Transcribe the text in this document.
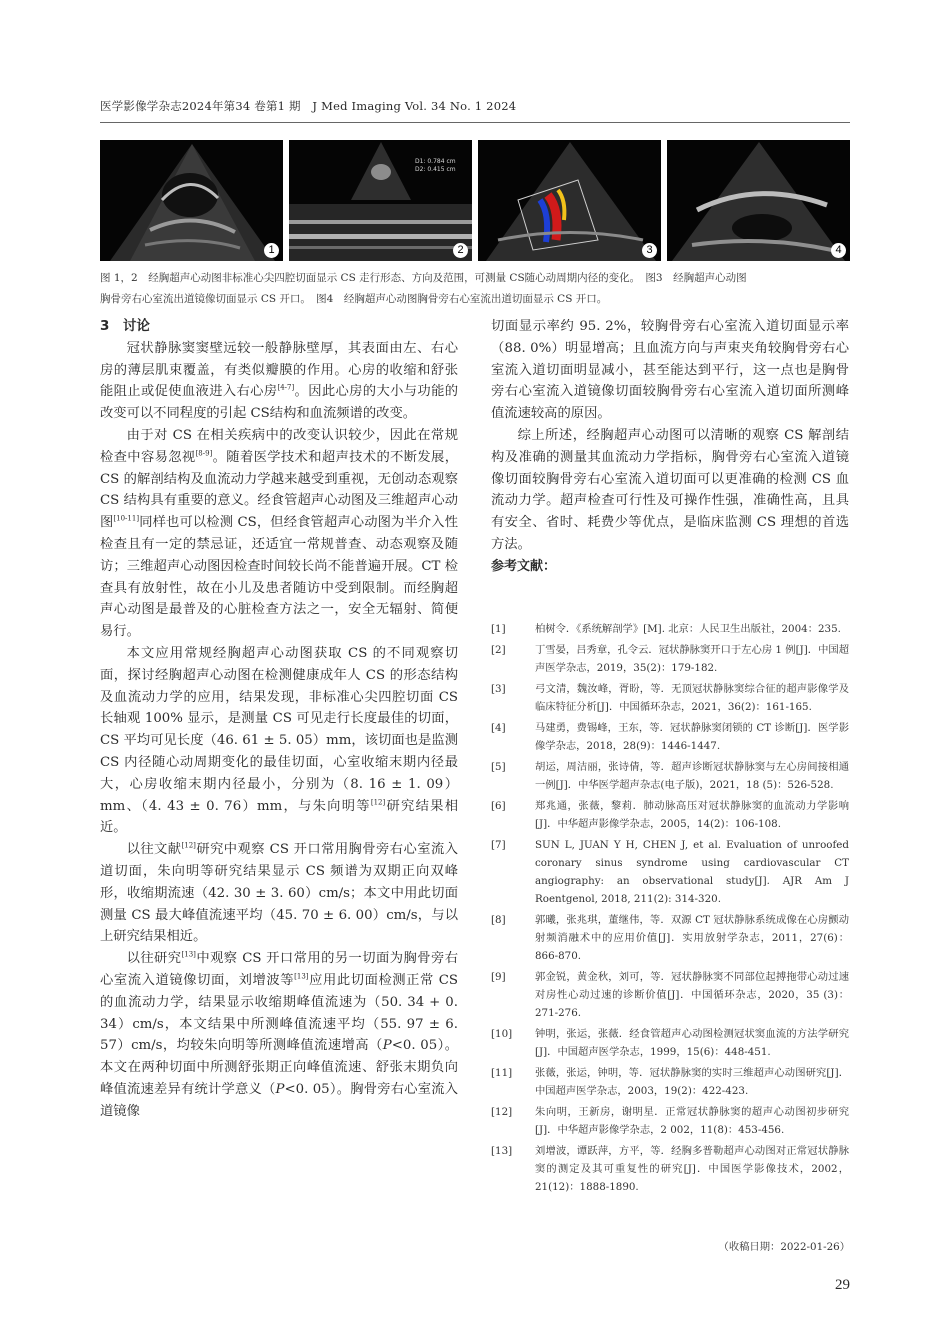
医学影像学杂志2024年第34 卷第1 期　J Med Imaging Vol. 34 No. 1 2024
1
D1: 0.784 cm
D2: 0.415 cm
2	3	4
图 1，2　经胸超声心动图非标准心尖四腔切面显示 CS 走行形态、方向及范围，可测量 CS随心动周期内径的变化。　图3　经胸超声心动图
胸骨旁右心室流出道镜像切面显示 CS 开口。　图4　经胸超声心动图胸骨旁右心室流出道切面显示 CS 开口。

3　讨论

冠状静脉窦窦壁远较一般静脉壁厚，其表面由左、右心房的薄层肌束覆盖，有类似瓣膜的作用。心房的收缩和舒张能阻止或促使血液进入右心房[4-7]。因此心房的大小与功能的改变可以不同程度的引起 CS结构和血流频谱的改变。

由于对 CS 在相关疾病中的改变认识较少，因此在常规检查中容易忽视[8-9]。随着医学技术和超声技术的不断发展，CS 的解剖结构及血流动力学越来越受到重视，无创动态观察 CS 结构具有重要的意义。经食管超声心动图及三维超声心动图[10-11]同样也可以检测 CS，但经食管超声心动图为半介入性检查且有一定的禁忌证，还适宜一常规普查、动态观察及随访；三维超声心动图因检查时间较长尚不能普遍开展。CT 检查具有放射性，故在小儿及患者随访中受到限制。而经胸超声心动图是最普及的心脏检查方法之一，安全无辐射、简便易行。

本文应用常规经胸超声心动图获取 CS 的不同观察切面，探讨经胸超声心动图在检测健康成年人 CS 的形态结构及血流动力学的应用，结果发现，非标准心尖四腔切面 CS 长轴观 100% 显示，是测量 CS 可见走行长度最佳的切面，CS 平均可见长度（46. 61 ± 5. 05）mm，该切面也是监测 CS 内径随心动周期变化的最佳切面，心室收缩末期内径最大，心房收缩末期内径最小，分别为（8. 16 ± 1. 09）mm、（4. 43 ± 0. 76）mm，与朱向明等[12]研究结果相近。

以往文献[12]研究中观察 CS 开口常用胸骨旁右心室流入道切面，朱向明等研究结果显示 CS 频谱为双期正向双峰形，收缩期流速（42. 30 ± 3. 60）cm/s；本文中用此切面测量 CS 最大峰值流速平均（45. 70 ± 6. 00）cm/s，与以上研究结果相近。

以往研究[13]中观察 CS 开口常用的另一切面为胸骨旁右心室流入道镜像切面，刘增波等[13]应用此切面检测正常 CS 的血流动力学，结果显示收缩期峰值流速为（50. 34 + 0. 34）cm/s，本文结果中所测峰值流速平均（55. 97 ± 6. 57）cm/s，均较朱向明等所测峰值流速增高（P<0. 05）。本文在两种切面中所测舒张期正向峰值流速、舒张末期负向峰值流速差异有统计学意义（P<0. 05）。胸骨旁右心室流入道镜像

切面显示率约 95. 2%，较胸骨旁右心室流入道切面显示率（88. 0%）明显增高；且血流方向与声束夹角较胸骨旁右心室流入道切面明显减小，甚至能达到平行，这一点也是胸骨旁右心室流入道镜像切面较胸骨旁右心室流入道切面所测峰值流速较高的原因。

综上所述，经胸超声心动图可以清晰的观察 CS 解剖结构及准确的测量其血流动力学指标，胸骨旁右心室流入道镜像切面较胸骨旁右心室流入道切面可以更准确的检测 CS 血流动力学。超声检查可行性及可操作性强，准确性高，且具有安全、省时、耗费少等优点，是临床监测 CS 理想的首选方法。

参考文献：

[1]	柏树令．《系统解剖学》[M]. 北京：人民卫生出版社，2004：235.
[2]	丁雪晏，吕秀章，孔令云．冠状静脉窦开口于左心房 1 例[J]．中国超声医学杂志，2019，35(2)：179-182.
[3]	弓文清，魏汝峰，胥盼，等．无顶冠状静脉窦综合征的超声影像学及临床特征分析[J]．中国循环杂志，2021，36(2)：161-165.
[4]	马建勇，费锡峰，王东，等．冠状静脉窦闭锁的 CT 诊断[J]．医学影像学杂志，2018，28(9)：1446-1447.
[5]	胡运，周洁丽，张诗倩，等．超声诊断冠状静脉窦与左心房间接相通一例[J]．中华医学超声杂志(电子版)，2021，18 (5)：526-528.
[6]	郑兆通，张薇，黎莉．肺动脉高压对冠状静脉窦的血流动力学影响[J]．中华超声影像学杂志，2005，14(2)：106-108.
[7]	SUN L, JUAN Y H, CHEN J, et al. Evaluation of unroofed coronary sinus syndrome using cardiovascular CT angiography: an observational study[J]. AJR Am J Roentgenol, 2018, 211(2): 314-320.
[8]	郭曦，张兆琪，董继伟，等．双源 CT 冠状静脉系统成像在心房颤动射频消融术中的应用价值[J]．实用放射学杂志，2011，27(6)：866-870.
[9]	郭金锐，黄金秋，刘可，等．冠状静脉窦不同部位起搏拖带心动过速对房性心动过速的诊断价值[J]．中国循环杂志，2020，35 (3)：271-276.
[10]	钟明，张运，张薇．经食管超声心动图检测冠状窦血流的方法学研究[J]．中国超声医学杂志，1999，15(6)：448-451.
[11]	张薇，张运，钟明，等．冠状静脉窦的实时三维超声心动图研究[J]．中国超声医学杂志，2003，19(2)：422-423.
[12]	朱向明，王新房，谢明星．正常冠状静脉窦的超声心动图初步研究[J]．中华超声影像学杂志，2 002，11(8)：453-456.
[13]	刘增波，谭跃萍，方平，等．经胸多普勒超声心动图对正常冠状静脉窦的测定及其可重复性的研究[J]．中国医学影像技术，2002，21(12)：1888-1890.
（收稿日期：2022-01-26）
29
